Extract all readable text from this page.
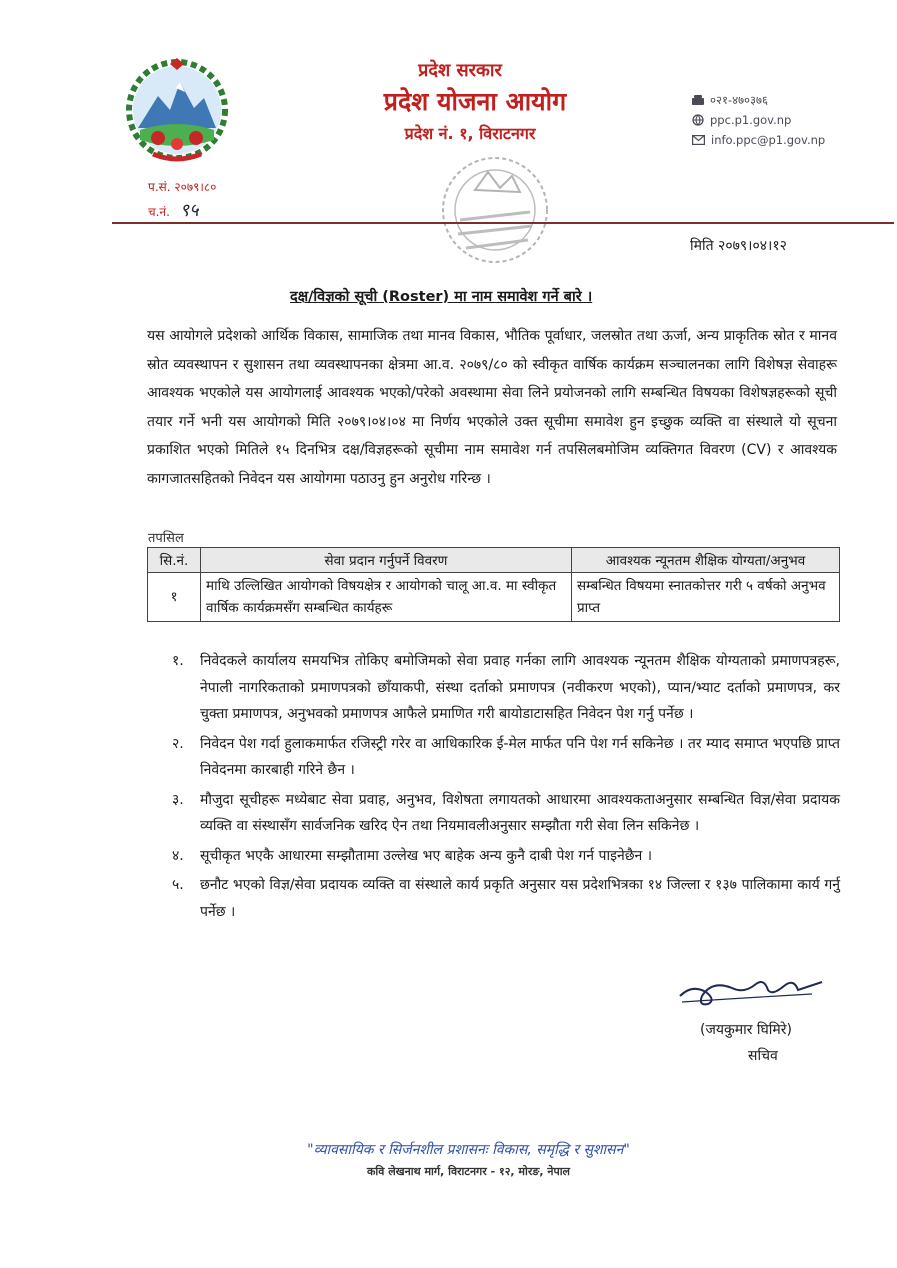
प्रदेश सरकार
प्रदेश योजना आयोग
प्रदेश नं. १, विराटनगर
०२१-४७०३७६
ppc.p1.gov.np
info.ppc@p1.gov.np
प.सं. २०७९।८०
च.नं. ९५
मिति २०७९।०४।१२
दक्ष/विज्ञको सूची (Roster) मा नाम समावेश गर्ने बारे ।

यस आयोगले प्रदेशको आर्थिक विकास, सामाजिक तथा मानव विकास, भौतिक पूर्वाधार, जलस्रोत तथा ऊर्जा, अन्य प्राकृतिक स्रोत र मानव स्रोत व्यवस्थापन र सुशासन तथा व्यवस्थापनका क्षेत्रमा आ.व. २०७९/८० को स्वीकृत वार्षिक कार्यक्रम सञ्चालनका लागि विशेषज्ञ सेवाहरू आवश्यक भएकोले यस आयोगलाई आवश्यक भएको/परेको अवस्थामा सेवा लिने प्रयोजनको लागि सम्बन्धित विषयका विशेषज्ञहरूको सूची तयार गर्ने भनी यस आयोगको मिति २०७९।०४।०४ मा निर्णय भएकोले उक्त सूचीमा समावेश हुन इच्छुक व्यक्ति वा संस्थाले यो सूचना प्रकाशित भएको मितिले १५ दिनभित्र दक्ष/विज्ञहरूको सूचीमा नाम समावेश गर्न तपसिलबमोजिम व्यक्तिगत विवरण (CV) र आवश्यक कागजातसहितको निवेदन यस आयोगमा पठाउनु हुन अनुरोध गरिन्छ ।

तपसिल
सि.नं.	सेवा प्रदान गर्नुपर्ने विवरण	आवश्यक न्यूनतम शैक्षिक योग्यता/अनुभव
१	माथि उल्लिखित आयोगको विषयक्षेत्र र आयोगको चालू आ.व. मा स्वीकृत वार्षिक कार्यक्रमसँग सम्बन्धित कार्यहरू	सम्बन्धित विषयमा स्नातकोत्तर गरी ५ वर्षको अनुभव प्राप्त
१.	निवेदकले कार्यालय समयभित्र तोकिए बमोजिमको सेवा प्रवाह गर्नका लागि आवश्यक न्यूनतम शैक्षिक योग्यताको प्रमाणपत्रहरू, नेपाली नागरिकताको प्रमाणपत्रको छाँयाकपी, संस्था दर्ताको प्रमाणपत्र (नवीकरण भएको), प्यान/भ्याट दर्ताको प्रमाणपत्र, कर चुक्ता प्रमाणपत्र, अनुभवको प्रमाणपत्र आफैले प्रमाणित गरी बायोडाटासहित निवेदन पेश गर्नु पर्नेछ ।
२.	निवेदन पेश गर्दा हुलाकमार्फत रजिस्ट्री गरेर वा आधिकारिक ई-मेल मार्फत पनि पेश गर्न सकिनेछ । तर म्याद समाप्त भएपछि प्राप्त निवेदनमा कारबाही गरिने छैन ।
३.	मौजुदा सूचीहरू मध्येबाट सेवा प्रवाह, अनुभव, विशेषता लगायतको आधारमा आवश्यकताअनुसार सम्बन्धित विज्ञ/सेवा प्रदायक व्यक्ति वा संस्थासँग सार्वजनिक खरिद ऐन तथा नियमावलीअनुसार सम्झौता गरी सेवा लिन सकिनेछ ।
४.	सूचीकृत भएकै आधारमा सम्झौतामा उल्लेख भए बाहेक अन्य कुनै दाबी पेश गर्न पाइनेछैन ।
५.	छनौट भएको विज्ञ/सेवा प्रदायक व्यक्ति वा संस्थाले कार्य प्रकृति अनुसार यस प्रदेशभित्रका १४ जिल्ला र १३७ पालिकामा कार्य गर्नु पर्नेछ ।
(जयकुमार घिमिरे)
सचिव
"व्यावसायिक र सिर्जनशील प्रशासनः विकास, समृद्धि र सुशासन"
कवि लेखनाथ मार्ग, विराटनगर - १२, मोरङ, नेपाल
